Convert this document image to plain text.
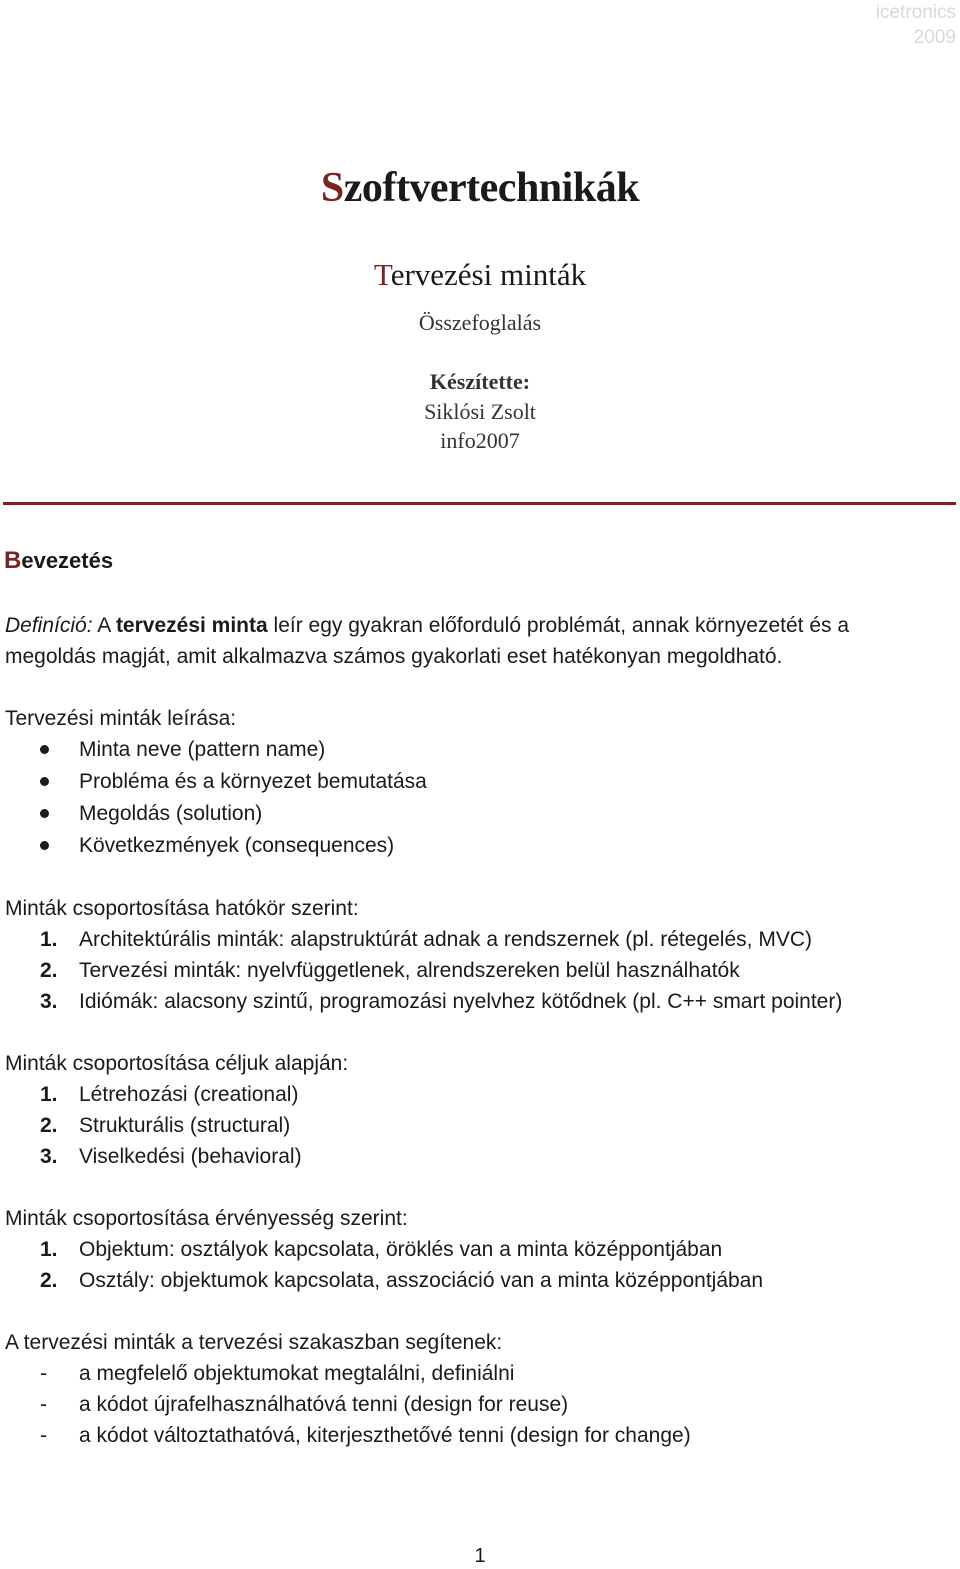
icetronics
2009
Szoftvertechnikák
Tervezési minták
Összefoglalás
Készítette:
Siklósi Zsolt
info2007
Bevezetés
Definíció: A tervezési minta leír egy gyakran előforduló problémát, annak környezetét és a
megoldás magját, amit alkalmazva számos gyakorlati eset hatékonyan megoldható.
Tervezési minták leírása:
Minta neve (pattern name)
Probléma és a környezet bemutatása
Megoldás (solution)
Következmények (consequences)
Minták csoportosítása hatókör szerint:
1. Architektúrális minták: alapstruktúrát adnak a rendszernek (pl. rétegelés, MVC)
2. Tervezési minták: nyelvfüggetlenek, alrendszereken belül használhatók
3. Idiómák: alacsony szintű, programozási nyelvhez kötődnek (pl. C++ smart pointer)
Minták csoportosítása céljuk alapján:
1. Létrehozási (creational)
2. Strukturális (structural)
3. Viselkedési (behavioral)
Minták csoportosítása érvényesség szerint:
1. Objektum: osztályok kapcsolata, öröklés van a minta középpontjában
2. Osztály: objektumok kapcsolata, asszociáció van a minta középpontjában
A tervezési minták a tervezési szakaszban segítenek:
- a megfelelő objektumokat megtalálni, definiálni
- a kódot újrafelhasználhatóvá tenni (design for reuse)
- a kódot változtathatóvá, kiterjeszthetővé tenni (design for change)
1
